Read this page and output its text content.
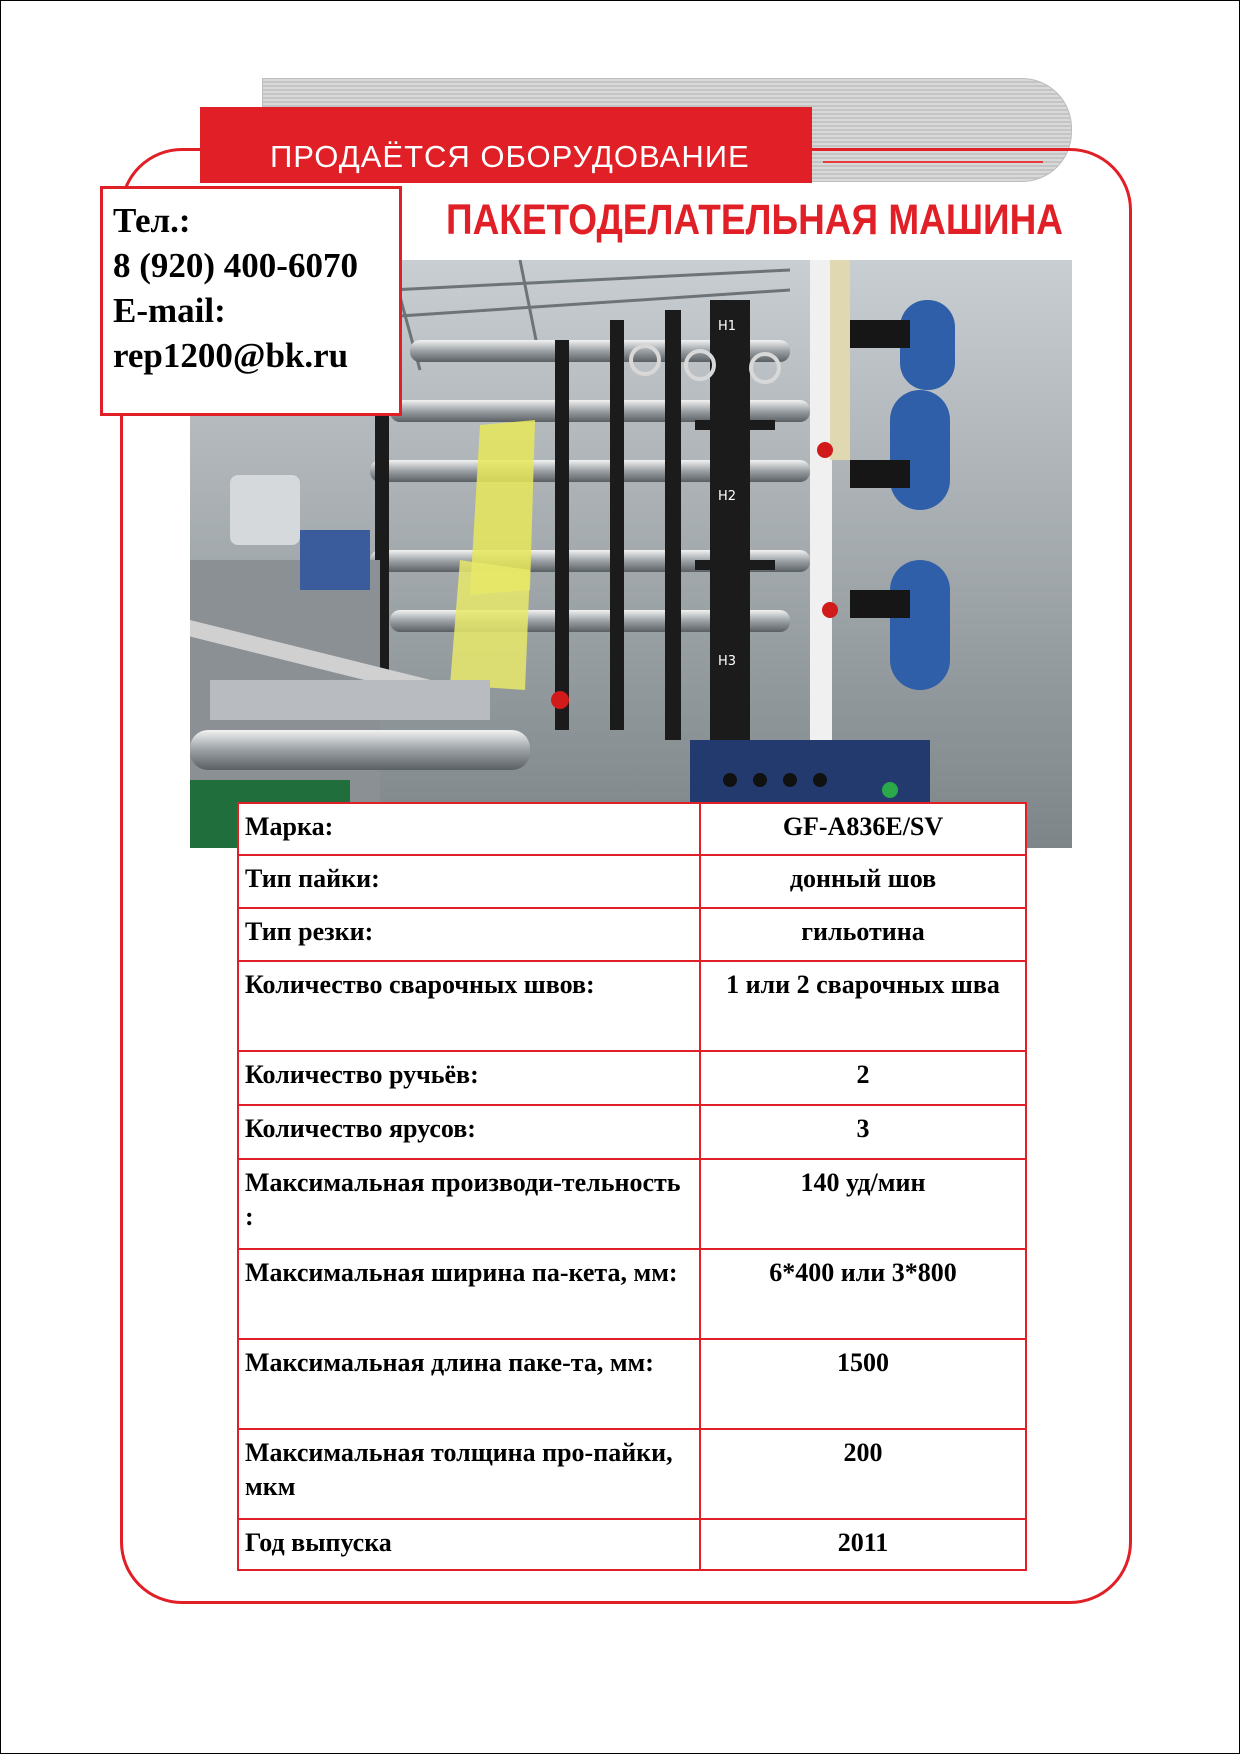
ПРОДАЁТСЯ ОБОРУДОВАНИЕ
ПАКЕТОДЕЛАТЕЛЬНАЯ МАШИНА
H1
H2
H3
Тел.:
8 (920) 400-6070
E-mail:
rep1200@bk.ru
Марка:	GF-A836E/SV
Тип пайки:	донный шов
Тип резки:	гильотина
Количество сварочных швов:	1 или 2 сварочных шва
Количество ручьёв:	2
Количество ярусов:	3
Максимальная производи-тельность :	140 уд/мин
Максимальная ширина па-кета, мм:	6*400 или 3*800
Максимальная длина паке-та, мм:	1500
Максимальная толщина про-пайки, мкм	200
Год выпуска	2011
